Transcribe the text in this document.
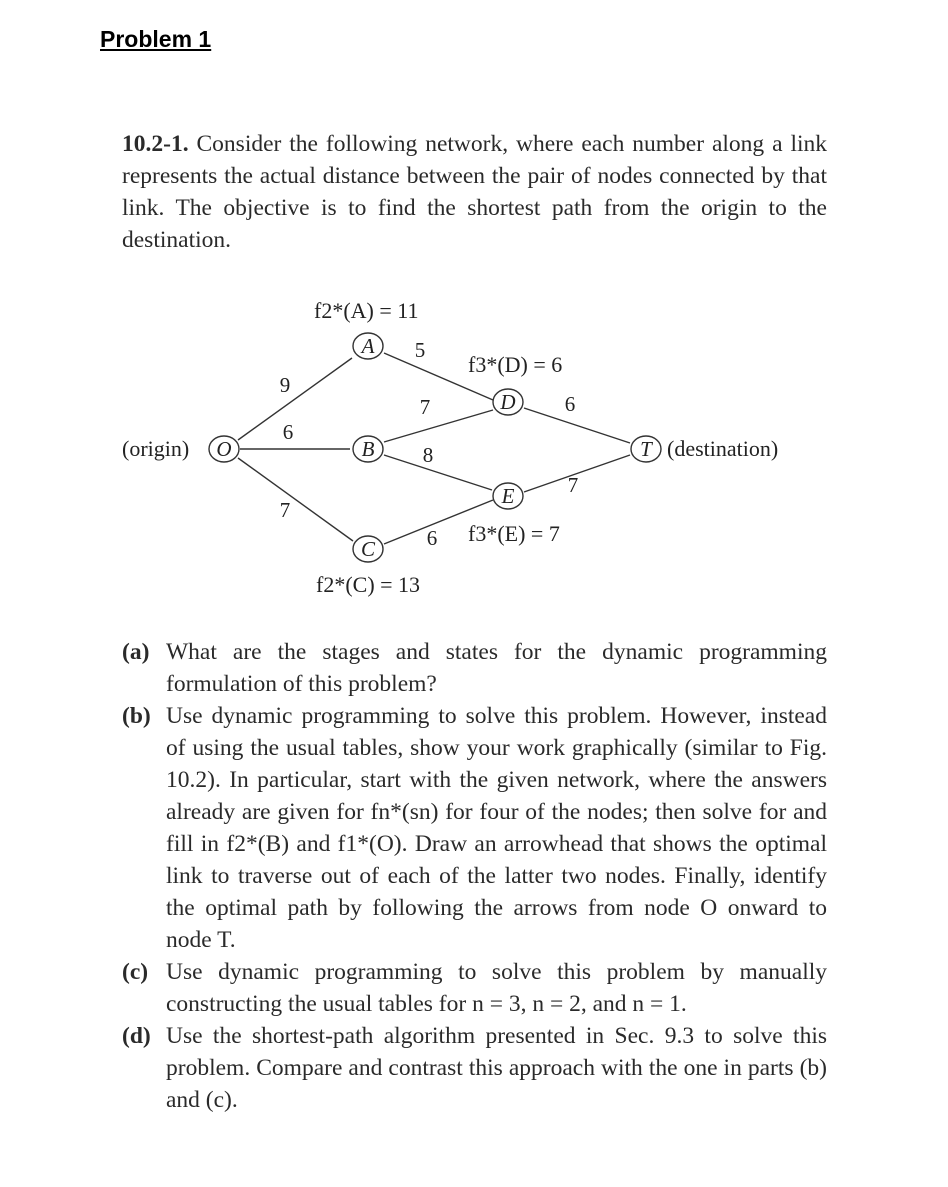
Problem 1
10.2-1. Consider the following network, where each number along a link represents the actual distance between the pair of nodes connected by that link. The objective is to find the shortest path from the origin to the destination.
O
A
B
C
D
E
T
(origin)	(destination)
9
6
7
5
7
8
6
6
7
f2*(A) = 11
f3*(D) = 6
f3*(E) = 7
f2*(C) = 13
(a) What are the stages and states for the dynamic programming formulation of this problem?
(b) Use dynamic programming to solve this problem. However, instead of using the usual tables, show your work graphically (similar to Fig. 10.2). In particular, start with the given network, where the answers already are given for fn*(sn) for four of the nodes; then solve for and fill in f2*(B) and f1*(O). Draw an arrowhead that shows the optimal link to traverse out of each of the latter two nodes. Finally, identify the optimal path by following the arrows from node O onward to node T.
(c) Use dynamic programming to solve this problem by manually constructing the usual tables for n = 3, n = 2, and n = 1.
(d) Use the shortest-path algorithm presented in Sec. 9.3 to solve this problem. Compare and contrast this approach with the one in parts (b) and (c).
